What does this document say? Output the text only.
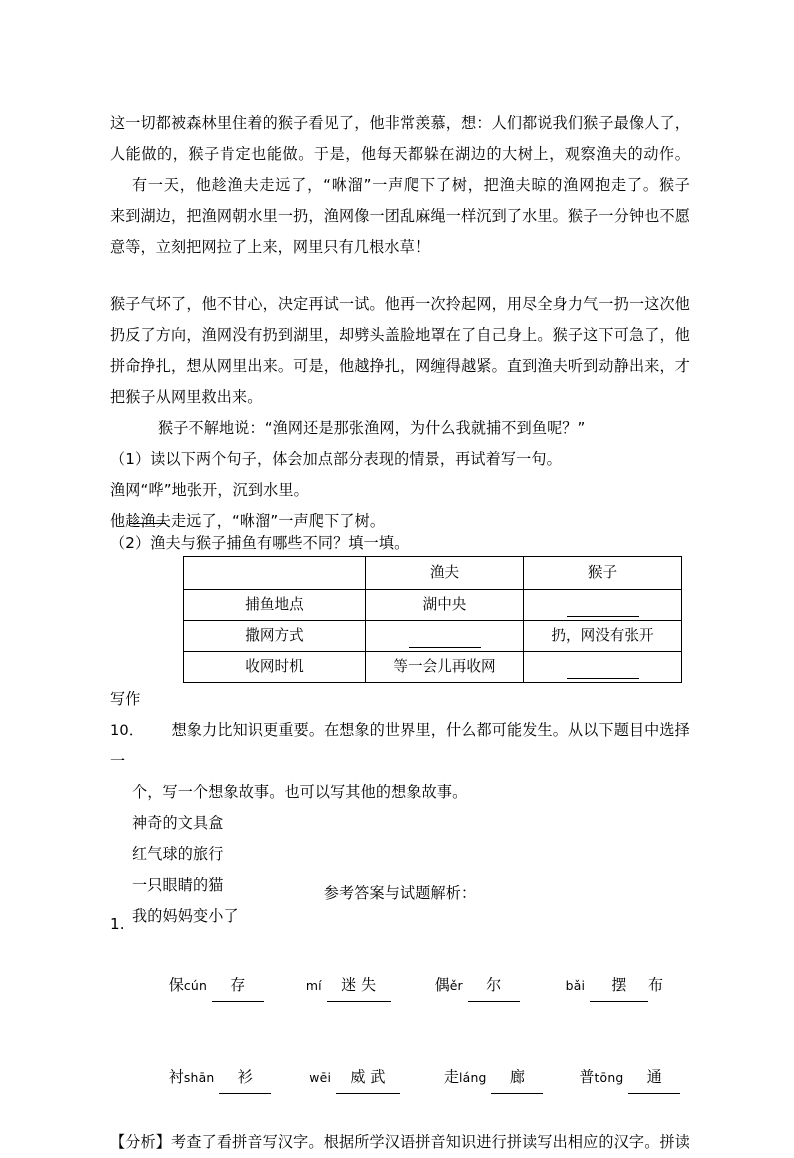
这一切都被森林里住着的猴子看见了，他非常羡慕，想：人们都说我们猴子最像人了，
人能做的，猴子肯定也能做。于是，他每天都躲在湖边的大树上，观察渔夫的动作。
有一天，他趁渔夫走远了，“咻溜”一声爬下了树，把渔夫晾的渔网抱走了。猴子
来到湖边，把渔网朝水里一扔，渔网像一团乱麻绳一样沉到了水里。猴子一分钟也不愿
意等，立刻把网拉了上来，网里只有几根水草！
猴子气坏了，他不甘心，决定再试一试。他再一次拎起网，用尽全身力气一扔一这次他
扔反了方向，渔网没有扔到湖里，却劈头盖脸地罩在了自己身上。猴子这下可急了，他
拼命挣扎，想从网里出来。可是，他越挣扎，网缠得越紧。直到渔夫听到动静出来，才
把猴子从网里救出来。
猴子不解地说：“渔网还是那张渔网，为什么我就捕不到鱼呢？”
（1）读以下两个句子，体会加点部分表现的情景，再试着写一句。
渔网“哗”地张开，沉到水里。
他趁渔夫走远了，“咻溜”一声爬下了树。
（2）渔夫与猴子捕鱼有哪些不同？填一填。
	渔夫	猴子
捕鱼地点	湖中央	

撒网方式		扔，网没有张开
收网时机	等一会儿再收网	
写作
10． 想象力比知识更重要。在想象的世界里，什么都可能发生。从以下题目中选择一
个，写一个想象故事。也可以写其他的想象故事。
神奇的文具盒
红气球的旅行
一只眼睛的猫
我的妈妈变小了
参考答案与试题解析：
1.

保cún 存	mí 迷 失	偶ěr 尔	bǎi 摆 布

衬shān 衫	wēi 威 武	走láng 廊	普tōng 通

【分析】考查了看拼音写汉字。根据所学汉语拼音知识进行拼读写出相应的汉字。拼读
